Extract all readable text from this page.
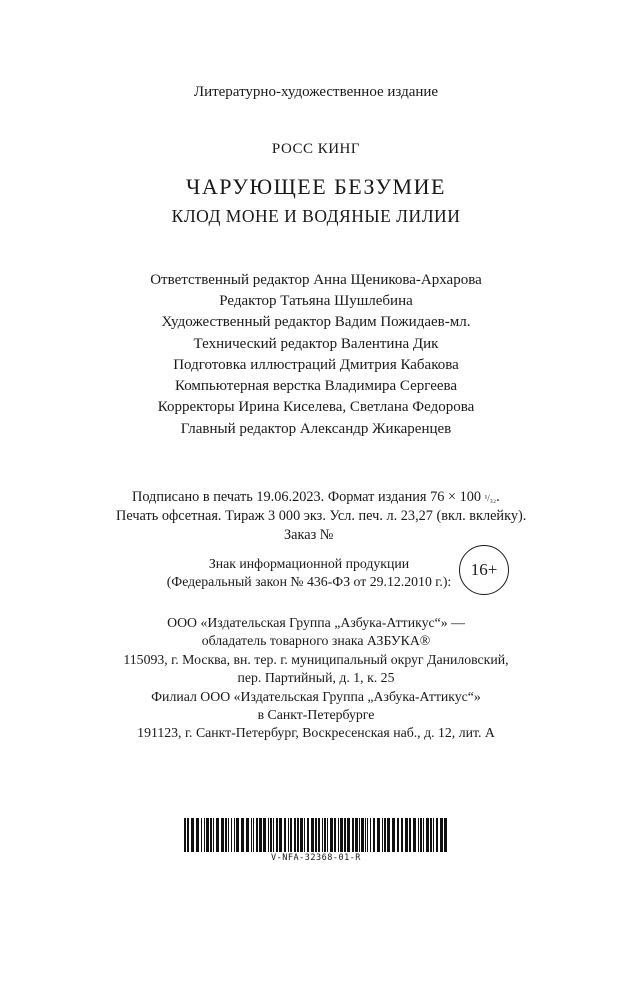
Литературно-художественное издание
РОСС КИНГ
ЧАРУЮЩЕЕ БЕЗУМИЕ
КЛОД МОНЕ И ВОДЯНЫЕ ЛИЛИИ
Ответственный редактор Анна Щеникова-Архарова
Редактор Татьяна Шушлебина
Художественный редактор Вадим Пожидаев-мл.
Технический редактор Валентина Дик
Подготовка иллюстраций Дмитрия Кабакова
Компьютерная верстка Владимира Сергеева
Корректоры Ирина Киселева, Светлана Федорова
Главный редактор Александр Жикаренцев
Подписано в печать 19.06.2023. Формат издания 76 × 100 ¹/₃₂.
Печать офсетная. Тираж 3 000 экз. Усл. печ. л. 23,27 (вкл. вклейку).
Заказ №
Знак информационной продукции
(Федеральный закон № 436-ФЗ от 29.12.2010 г.):
16+
ООО «Издательская Группа „Азбука-Аттикус“» —
обладатель товарного знака АЗБУКА®
115093, г. Москва, вн. тер. г. муниципальный округ Даниловский,
пер. Партийный, д. 1, к. 25
Филиал ООО «Издательская Группа „Азбука-Аттикус“»
в Санкт-Петербурге
191123, г. Санкт-Петербург, Воскресенская наб., д. 12, лит. А
V-NFA-32368-01-R
